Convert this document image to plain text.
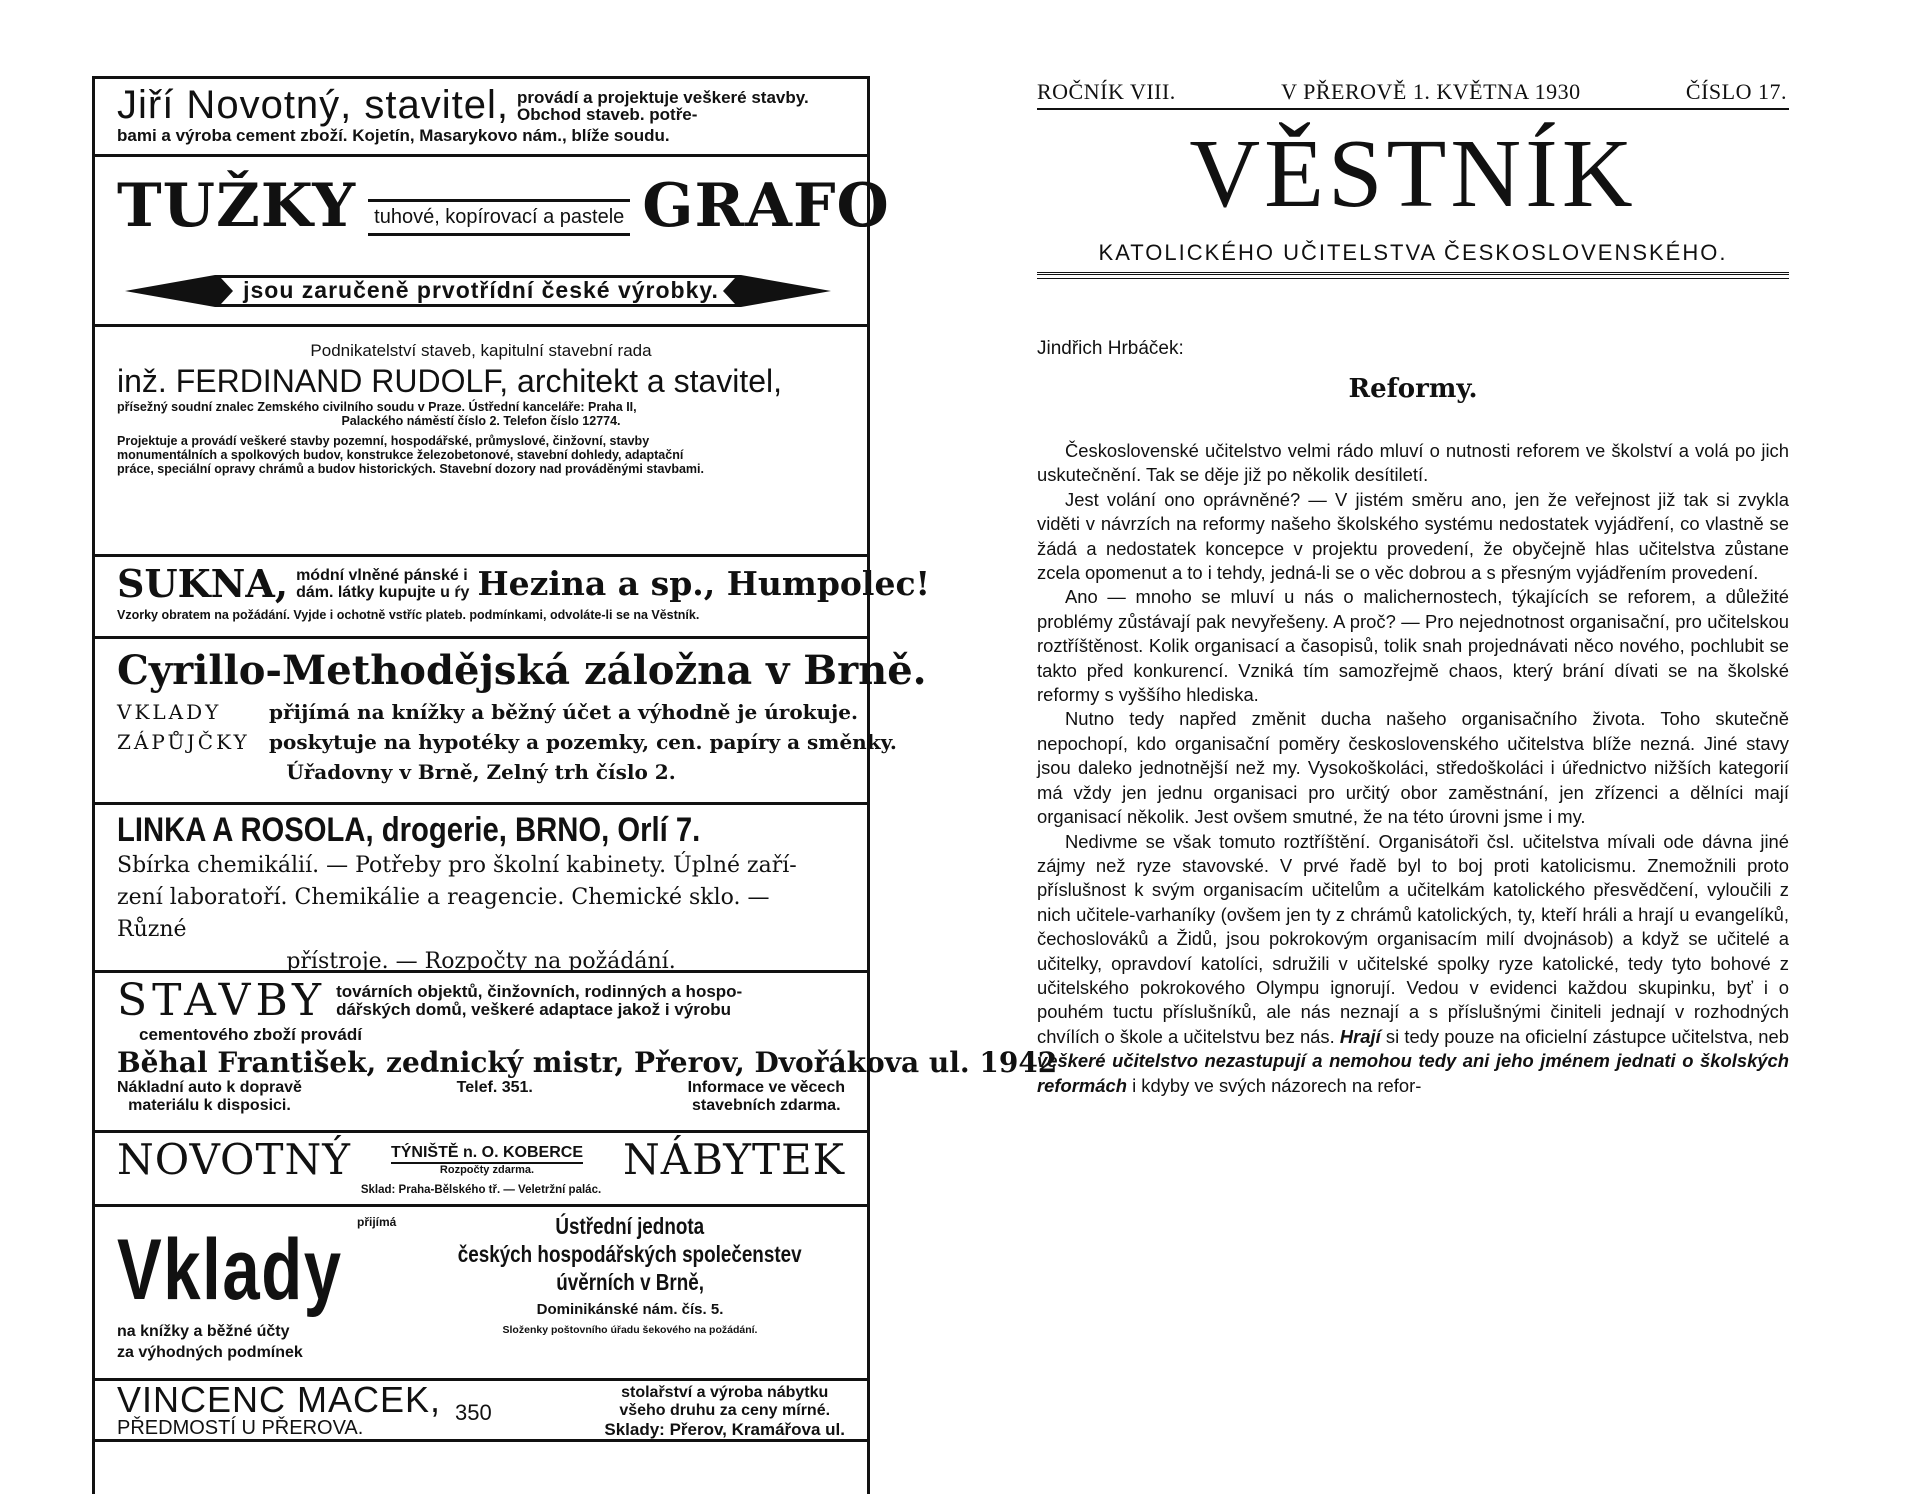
Jiří Novotný, stavitel, provádí a projektuje veškeré stavby. Obchod staveb. potře-
bami a výroba cement zboží. Kojetín, Masarykovo nám., blíže soudu.
TUŽKY tuhové, kopírovací a pastele GRAFO
jsou zaručeně prvotřídní české výrobky.
Podnikatelství staveb, kapitulní stavební rada
inž. FERDINAND RUDOLF, architekt a stavitel,
přísežný soudní znalec Zemského civilního soudu v Praze. Ústřední kanceláře: Praha II,
Palackého náměstí číslo 2. Telefon číslo 12774.
Projektuje a provádí veškeré stavby pozemní, hospodářské, průmyslové, činžovní, stavby
monumentálních a spolkových budov, konstrukce železobetonové, stavební dohledy, adaptační
práce, speciální opravy chrámů a budov historických. Stavební dozory nad prováděnými stavbami.
SUKNA, módní vlněné pánské i
dám. látky kupujte u ŕy Hezina a sp., Humpolec!
Vzorky obratem na požádání. Vyjde i ochotně vstříc plateb. podmínkami, odvoláte-li se na Věstník.
Cyrillo-Methodějská záložna v Brně.
VKLADY přijímá na knížky a běžný účet a výhodně je úrokuje.
ZÁPŮJČKY poskytuje na hypotéky a pozemky, cen. papíry a směnky.
Úřadovny v Brně, Zelný trh číslo 2.
LINKA A ROSOLA, drogerie, BRNO, Orlí 7.
Sbírka chemikálií. — Potřeby pro školní kabinety. Úplné zaří-
zení laboratoří. Chemikálie a reagencie. Chemické sklo. — Různé
přístroje. — Rozpočty na požádání.
STAVBY továrních objektů, činžovních, rodinných a hospo-
dářských domů, veškeré adaptace jakož i výrobu
cementového zboží provádí
Běhal František, zednický mistr, Přerov, Dvořákova ul. 1942
Nákladní auto k dopravě
materiálu k disposici.
Telef. 351.	Informace ve věcech
stavebních zdarma.
NOVOTNÝ	TÝNIŠTĚ n. O. KOBERCE
Rozpočty zdarma.	NÁBYTEK
Sklad: Praha-Bělského tř. — Veletržní palác.
Vklady přijímá	Ústřední jednota
českých hospodářských společenstev
úvěrních v Brně,
Dominikánské nám. čís. 5.
Složenky poštovního úřadu šekového na požádání.
na knížky a běžné účty
za výhodných podmínek
VINCENC MACEK,
PŘEDMOSTÍ U PŘEROVA.
stolařství a výroba nábytku
všeho druhu za ceny mírné.
Sklady: Přerov, Kramářova ul.
350
ROČNÍK VIII.	V PŘEROVĚ 1. KVĚTNA 1930	ČÍSLO 17.
VĚSTNÍK
KATOLICKÉHO UČITELSTVA ČESKOSLOVENSKÉHO.
Jindřich Hrbáček:
Reformy.

Československé učitelstvo velmi rádo mluví o nutnosti reforem ve školství a volá po jich uskutečnění. Tak se děje již po několik desítiletí.

Jest volání ono oprávněné? — V jistém směru ano, jen že veřejnost již tak si zvykla viděti v návrzích na reformy našeho školského systému nedostatek vyjádření, co vlastně se žádá a nedostatek koncepce v projektu provedení, že obyčejně hlas učitelstva zůstane zcela opomenut a to i tehdy, jedná-li se o věc dobrou a s přesným vyjádřením provedení.

Ano — mnoho se mluví u nás o malichernostech, týkajících se reforem, a důležité problémy zůstávají pak nevyřešeny. A proč? — Pro nejednotnost organisační, pro učitelskou roztříštěnost. Kolik organisací a časopisů, tolik snah projednávati něco nového, pochlubit se takto před konkurencí. Vzniká tím samozřejmě chaos, který brání dívati se na školské reformy s vyššího hlediska.

Nutno tedy napřed změnit ducha našeho organisačního života. Toho skutečně nepochopí, kdo organisační poměry československého učitelstva blíže nezná. Jiné stavy jsou daleko jednotnější než my. Vysokoškoláci, středoškoláci i úřednictvo nižších kategorií má vždy jen jednu organisaci pro určitý obor zaměstnání, jen zřízenci a dělníci mají organisací několik. Jest ovšem smutné, že na této úrovni jsme i my.

Nedivme se však tomuto roztříštění. Organisátoři čsl. učitelstva mívali ode dávna jiné zájmy než ryze stavovské. V prvé řadě byl to boj proti katolicismu. Znemožnili proto příslušnost k svým organisacím učitelům a učitelkám katolického přesvědčení, vyloučili z nich učitele-varhaníky (ovšem jen ty z chrámů katolických, ty, kteří hráli a hrají u evangelíků, čechoslováků a Židů, jsou pokrokovým organisacím milí dvojnásob) a když se učitelé a učitelky, opravdoví katolíci, sdružili v učitelské spolky ryze katolické, tedy tyto bohové z učitelského pokrokového Olympu ignorují. Vedou v evidenci každou skupinku, byť i o pouhém tuctu příslušníků, ale nás neznají a s příslušnými činiteli jednají v rozhodných chvílích o škole a učitelstvu bez nás. Hrají si tedy pouze na oficielní zástupce učitelstva, neb veškeré učitelstvo nezastupují a nemohou tedy ani jeho jménem jednati o školských reformách i kdyby ve svých názorech na refor-
